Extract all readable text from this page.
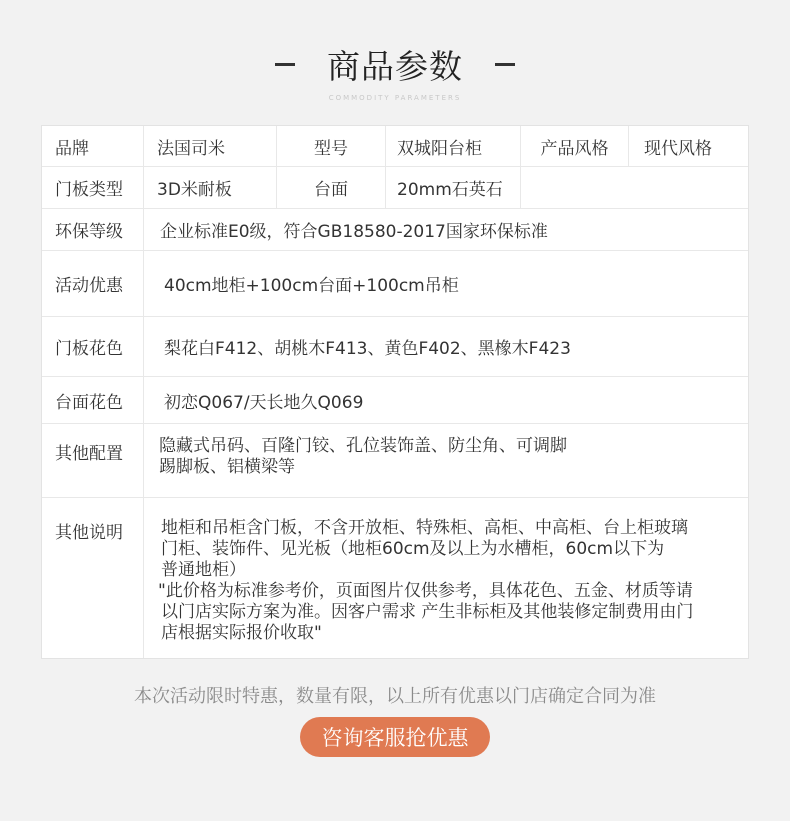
商品参数
COMMODITY PARAMETERS
品牌	法国司米	型号	双城阳台柜	产品风格	现代风格
门板类型	3D米耐板	台面	20mm石英石
环保等级	企业标准E0级，符合GB18580-2017国家环保标准
活动优惠	40cm地柜+100cm台面+100cm吊柜
门板花色	梨花白F412、胡桃木F413、黄色F402、黑橡木F423
台面花色	初恋Q067/天长地久Q069
其他配置	隐藏式吊码、百隆门铰、孔位装饰盖、防尘角、可调脚
踢脚板、铝横梁等
其他说明	地柜和吊柜含门板，不含开放柜、特殊柜、高柜、中高柜、台上柜玻璃
门柜、装饰件、见光板（地柜60cm及以上为水槽柜，60cm以下为
普通地柜）
"此价格为标准参考价，页面图片仅供参考，具体花色、五金、材质等请
以门店实际方案为准。因客户需求 产生非标柜及其他装修定制费用由门
店根据实际报价收取"
本次活动限时特惠，数量有限，以上所有优惠以门店确定合同为准
咨询客服抢优惠
